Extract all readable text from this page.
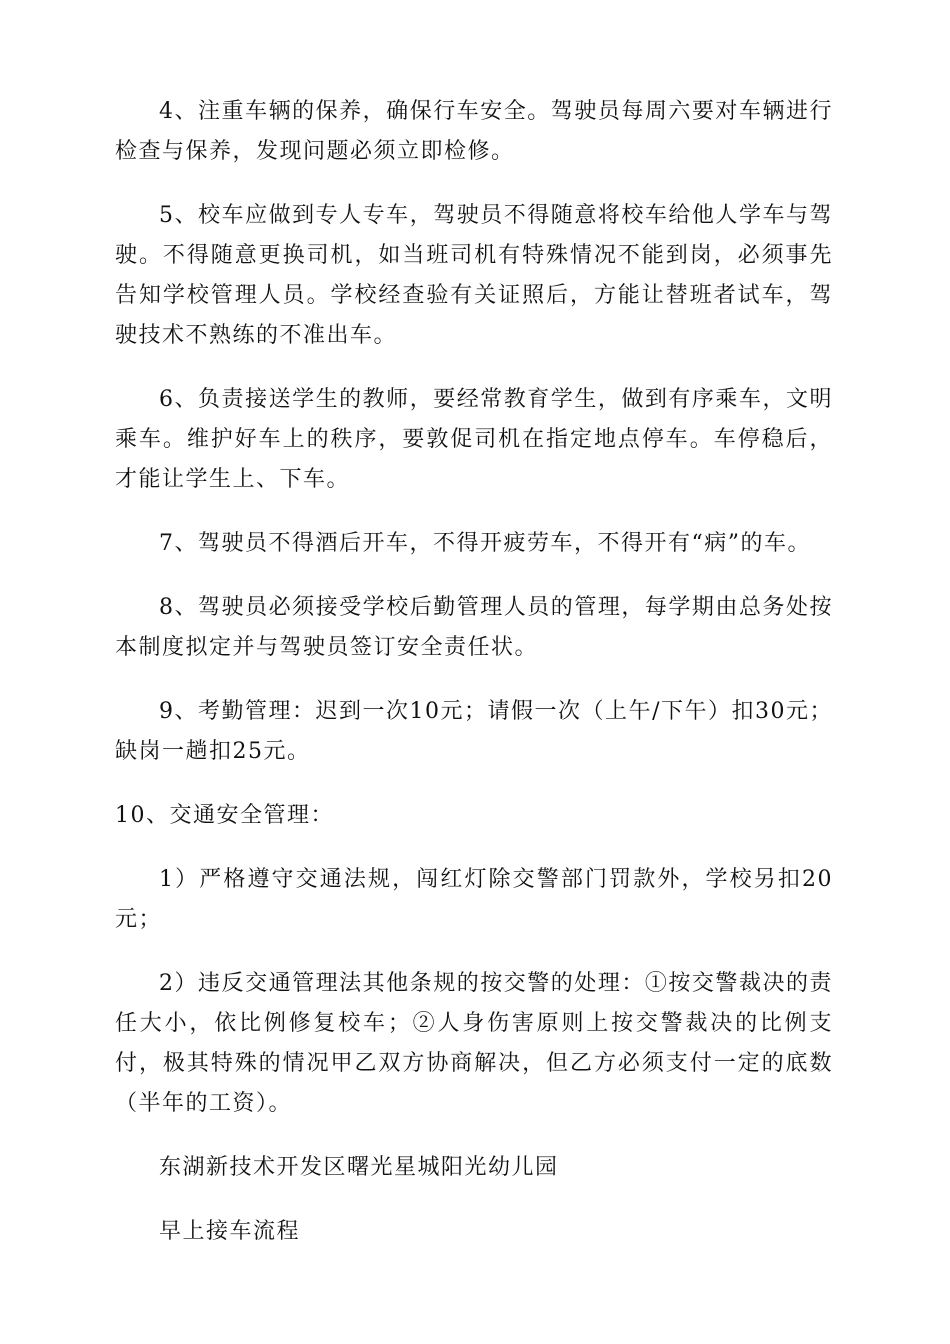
4、注重车辆的保养，确保行车安全。驾驶员每周六要对车辆进行检查与保养，发现问题必须立即检修。

5、校车应做到专人专车，驾驶员不得随意将校车给他人学车与驾驶。不得随意更换司机，如当班司机有特殊情况不能到岗，必须事先告知学校管理人员。学校经查验有关证照后，方能让替班者试车，驾驶技术不熟练的不准出车。

6、负责接送学生的教师，要经常教育学生，做到有序乘车，文明乘车。维护好车上的秩序，要敦促司机在指定地点停车。车停稳后，才能让学生上、下车。

7、驾驶员不得酒后开车，不得开疲劳车，不得开有“病”的车。

8、驾驶员必须接受学校后勤管理人员的管理，每学期由总务处按本制度拟定并与驾驶员签订安全责任状。

9、考勤管理：迟到一次10元；请假一次（上午/下午）扣30元；缺岗一趟扣25元。

10、交通安全管理：

1）严格遵守交通法规，闯红灯除交警部门罚款外，学校另扣20元；

2）违反交通管理法其他条规的按交警的处理：①按交警裁决的责任大小，依比例修复校车；②人身伤害原则上按交警裁决的比例支付，极其特殊的情况甲乙双方协商解决，但乙方必须支付一定的底数（半年的工资）。

东湖新技术开发区曙光星城阳光幼儿园

早上接车流程
